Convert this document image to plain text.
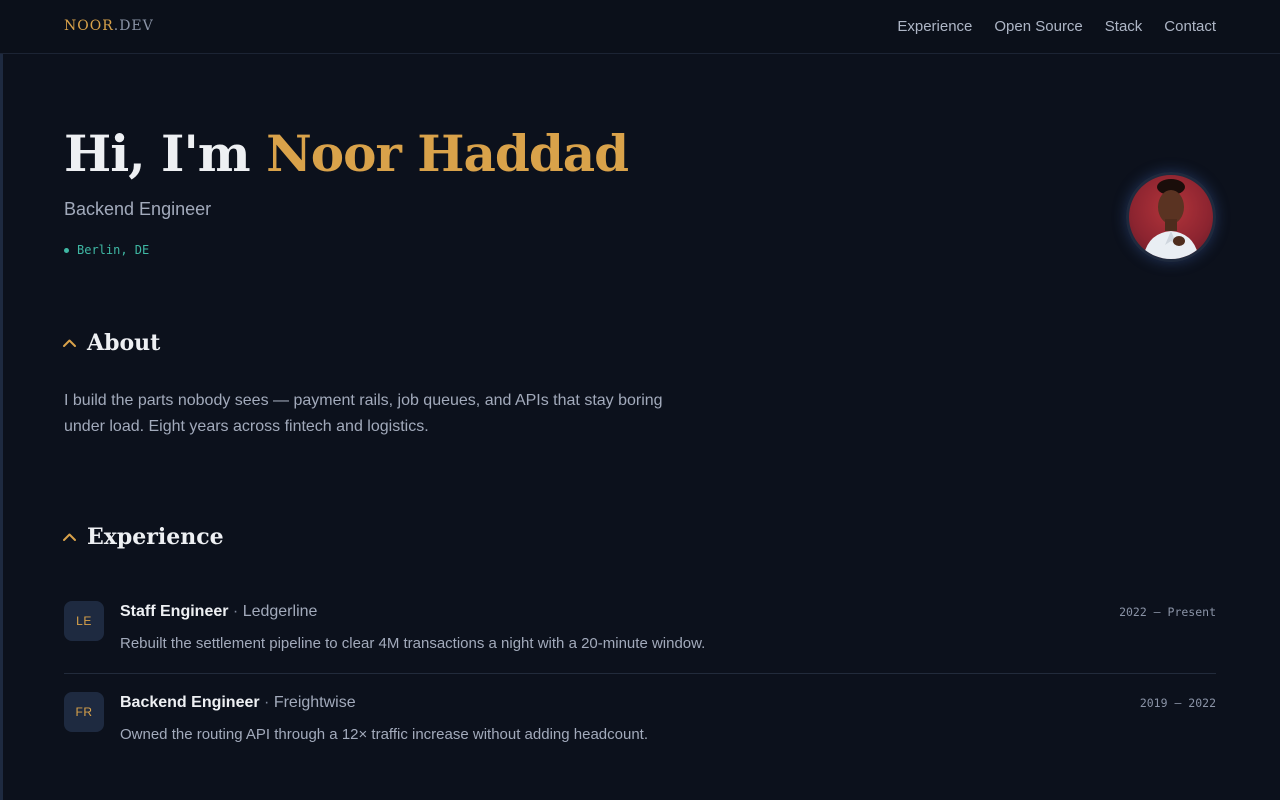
NOOR.DEV	Experience Open Source Stack Contact
Hi, I'm Noor Haddad
Backend Engineer
Berlin, DE
About

I build the parts nobody sees — payment rails, job queues, and APIs that stay boring under load. Eight years across fintech and logistics.

Experience
LE
Staff Engineer · Ledgerline
Rebuilt the settlement pipeline to clear 4M transactions a night with a 20-minute window.
2022 — Present
FR
Backend Engineer · Freightwise
Owned the routing API through a 12× traffic increase without adding headcount.
2019 — 2022
